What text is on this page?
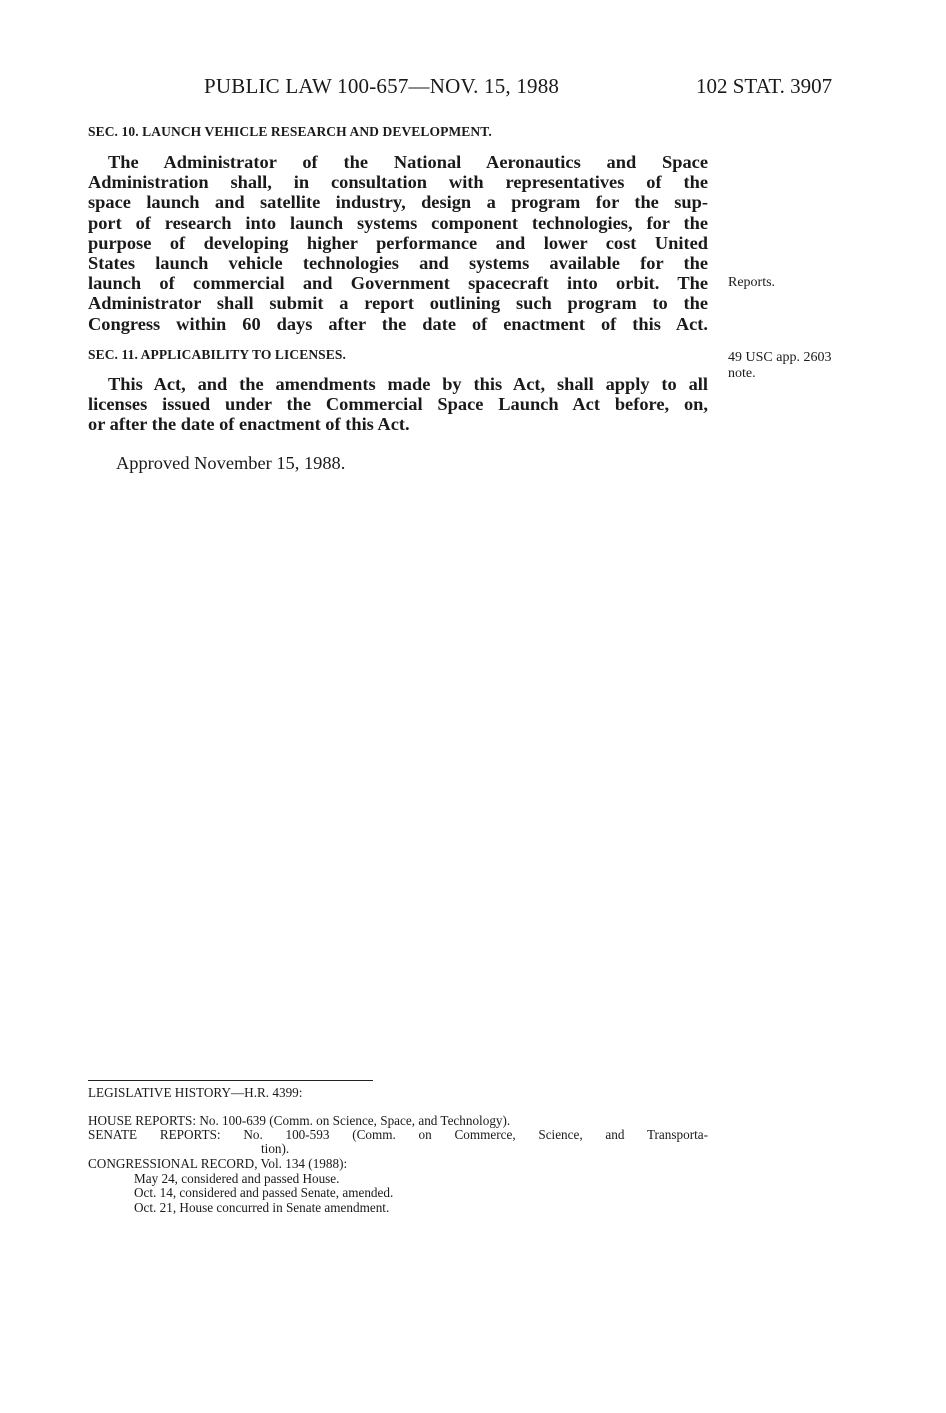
PUBLIC LAW 100-657—NOV. 15, 1988	102 STAT. 3907
SEC. 10. LAUNCH VEHICLE RESEARCH AND DEVELOPMENT.
The Administrator of the National Aeronautics and Space
Administration shall, in consultation with representatives of the
space launch and satellite industry, design a program for the sup-
port of research into launch systems component technologies, for the
purpose of developing higher performance and lower cost United
States launch vehicle technologies and systems available for the
launch of commercial and Government spacecraft into orbit. The
Administrator shall submit a report outlining such program to the
Congress within 60 days after the date of enactment of this Act.
Reports.
49 USC app. 2603
note.
SEC. 11. APPLICABILITY TO LICENSES.
This Act, and the amendments made by this Act, shall apply to all
licenses issued under the Commercial Space Launch Act before, on,
or after the date of enactment of this Act.
Approved November 15, 1988.
LEGISLATIVE HISTORY—H.R. 4399:
HOUSE REPORTS: No. 100-639 (Comm. on Science, Space, and Technology).
SENATE REPORTS: No. 100-593 (Comm. on Commerce, Science, and Transporta-
tion).
CONGRESSIONAL RECORD, Vol. 134 (1988):
May 24, considered and passed House.
Oct. 14, considered and passed Senate, amended.
Oct. 21, House concurred in Senate amendment.
